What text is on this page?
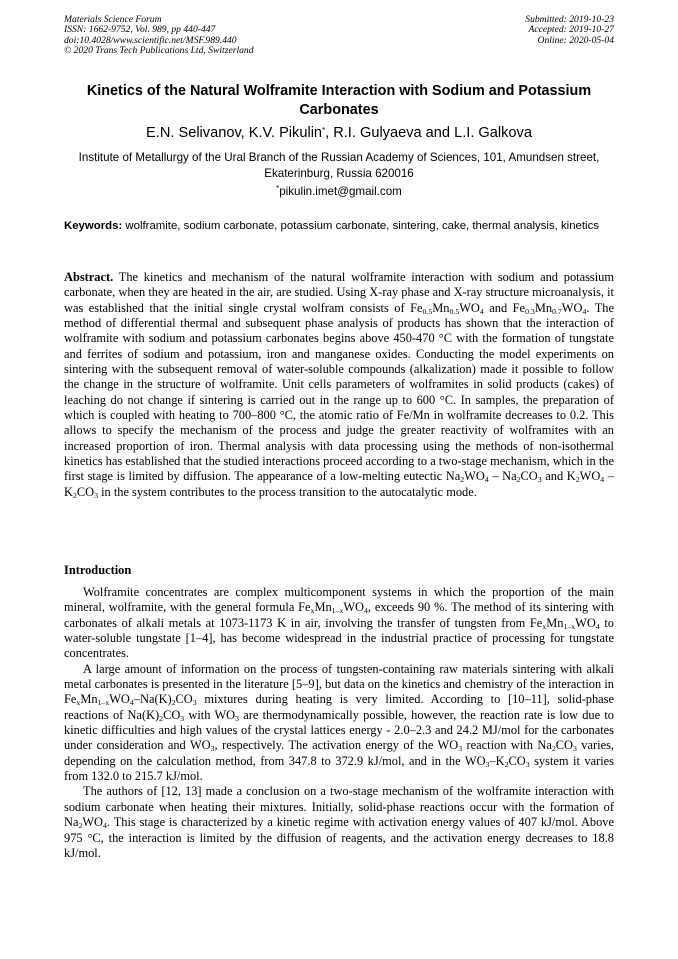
Materials Science Forum
ISSN: 1662-9752, Vol. 989, pp 440-447
doi:10.4028/www.scientific.net/MSF.989.440
© 2020 Trans Tech Publications Ltd, Switzerland
Submitted: 2019-10-23
Accepted: 2019-10-27
Online: 2020-05-04
Kinetics of the Natural Wolframite Interaction with Sodium and Potassium Carbonates
E.N. Selivanov, K.V. Pikulin*, R.I. Gulyaeva and L.I. Galkova
Institute of Metallurgy of the Ural Branch of the Russian Academy of Sciences, 101, Amundsen street, Ekaterinburg, Russia 620016
*pikulin.imet@gmail.com
Keywords: wolframite, sodium carbonate, potassium carbonate, sintering, cake, thermal analysis, kinetics
Abstract. The kinetics and mechanism of the natural wolframite interaction with sodium and potassium carbonate, when they are heated in the air, are studied. Using X-ray phase and X-ray structure microanalysis, it was established that the initial single crystal wolfram consists of $Fe_{0.5}Mn_{0.5}WO_4$ and $Fe_{0.3}Mn_{0.7}WO_4$. The method of differential thermal and subsequent phase analysis of products has shown that the interaction of wolframite with sodium and potassium carbonates begins above 450-470 °C with the formation of tungstate and ferrites of sodium and potassium, iron and manganese oxides. Conducting the model experiments on sintering with the subsequent removal of water-soluble compounds (alkalization) made it possible to follow the change in the structure of wolframite. Unit cells parameters of wolframites in solid products (cakes) of leaching do not change if sintering is carried out in the range up to 600 °C. In samples, the preparation of which is coupled with heating to 700–800 °C, the atomic ratio of Fe/Mn in wolframite decreases to 0.2. This allows to specify the mechanism of the process and judge the greater reactivity of wolframites with an increased proportion of iron. Thermal analysis with data processing using the methods of non-isothermal kinetics has established that the studied interactions proceed according to a two-stage mechanism, which in the first stage is limited by diffusion. The appearance of a low-melting eutectic $Na_2WO_4 - Na_2CO_3$ and $K_2WO_4 - K_2CO_3$ in the system contributes to the process transition to the autocatalytic mode.
Introduction

Wolframite concentrates are complex multicomponent systems in which the proportion of the main mineral, wolframite, with the general formula $Fe_xMn_{1-x}WO_4$, exceeds 90 %. The method of its sintering with carbonates of alkali metals at 1073-1173 K in air, involving the transfer of tungsten from $Fe_xMn_{1-x}WO_4$ to water-soluble tungstate [1–4], has become widespread in the industrial practice of processing for tungstate concentrates.

A large amount of information on the process of tungsten-containing raw materials sintering with alkali metal carbonates is presented in the literature [5–9], but data on the kinetics and chemistry of the interaction in $Fe_xMn_{1-x}WO_4-Na(K)_2CO_3$ mixtures during heating is very limited. According to [10–11], solid-phase reactions of $Na(K)_2CO_3$ with $WO_3$ are thermodynamically possible, however, the reaction rate is low due to kinetic difficulties and high values of the crystal lattices energy - 2.0–2.3 and 24.2 MJ/mol for the carbonates under consideration and $WO_3$, respectively. The activation energy of the $WO_3$ reaction with $Na_2CO_3$ varies, depending on the calculation method, from 347.8 to 372.9 kJ/mol, and in the $WO_3-K_2CO_3$ system it varies from 132.0 to 215.7 kJ/mol.

The authors of [12, 13] made a conclusion on a two-stage mechanism of the wolframite interaction with sodium carbonate when heating their mixtures. Initially, solid-phase reactions occur with the formation of $Na_2WO_4$. This stage is characterized by a kinetic regime with activation energy values of 407 kJ/mol. Above 975 °C, the interaction is limited by the diffusion of reagents, and the activation energy decreases to 18.8 kJ/mol.
